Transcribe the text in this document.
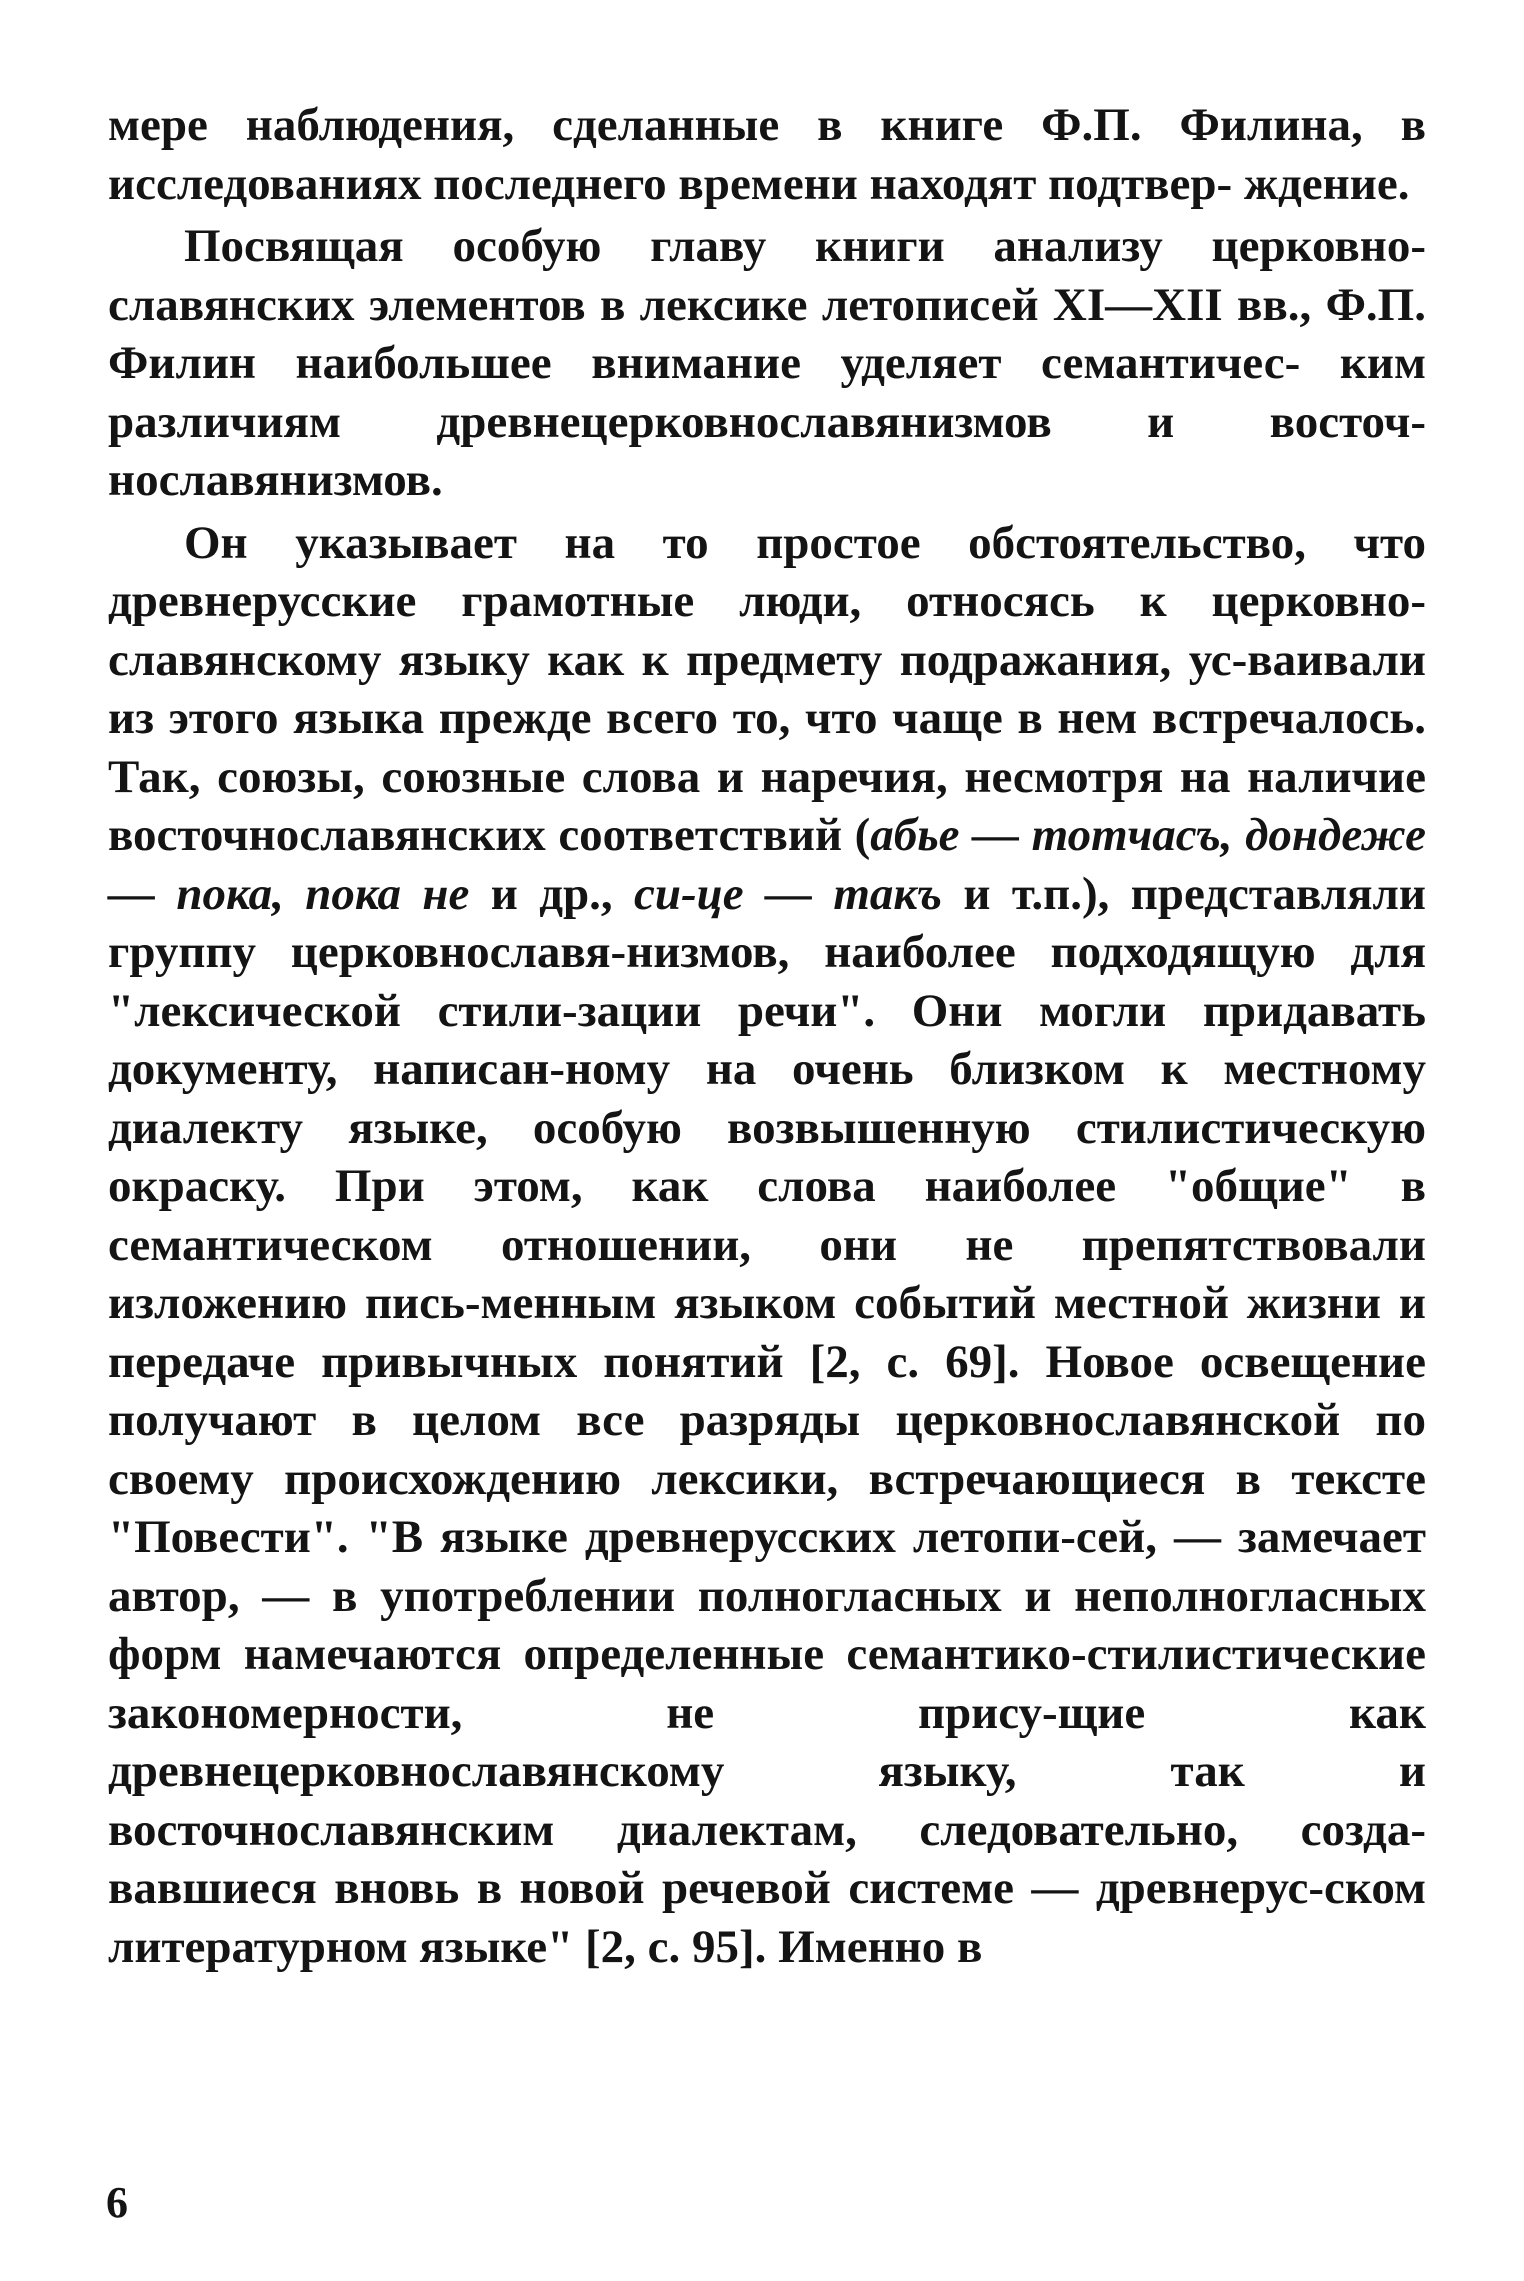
мере наблюдения, сделанные в книге Ф.П. Филина, в исследованиях последнего времени находят подтвер- ждение.

Посвящая особую главу книги анализу церковно- славянских элементов в лексике летописей XI—XII вв., Ф.П. Филин наибольшее внимание уделяет семантичес- ким различиям древнецерковнославянизмов и восточ- нославянизмов.

Он указывает на то простое обстоятельство, что древнерусские грамотные люди, относясь к церковно-славянскому языку как к предмету подражания, ус-ваивали из этого языка прежде всего то, что чаще в нем встречалось. Так, союзы, союзные слова и наречия, несмотря на наличие восточнославянских соответствий (абье — тотчасъ, дондеже — пока, пока не и др., си-це — такъ и т.п.), представляли группу церковнославя-низмов, наиболее подходящую для "лексической стили-зации речи". Они могли придавать документу, написан-ному на очень близком к местному диалекту языке, особую возвышенную стилистическую окраску. При этом, как слова наиболее "общие" в семантическом отношении, они не препятствовали изложению пись-менным языком событий местной жизни и передаче привычных понятий [2, с. 69]. Новое освещение получают в целом все разряды церковнославянской по своему происхождению лексики, встречающиеся в тексте "Повести". "В языке древнерусских летопи-сей, — замечает автор, — в употреблении полногласных и неполногласных форм намечаются определенные семантико-стилистические закономерности, не прису-щие как древнецерковнославянскому языку, так и восточнославянским диалектам, следовательно, созда-вавшиеся вновь в новой речевой системе — древнерус-ском литературном языке" [2, с. 95]. Именно в

6
